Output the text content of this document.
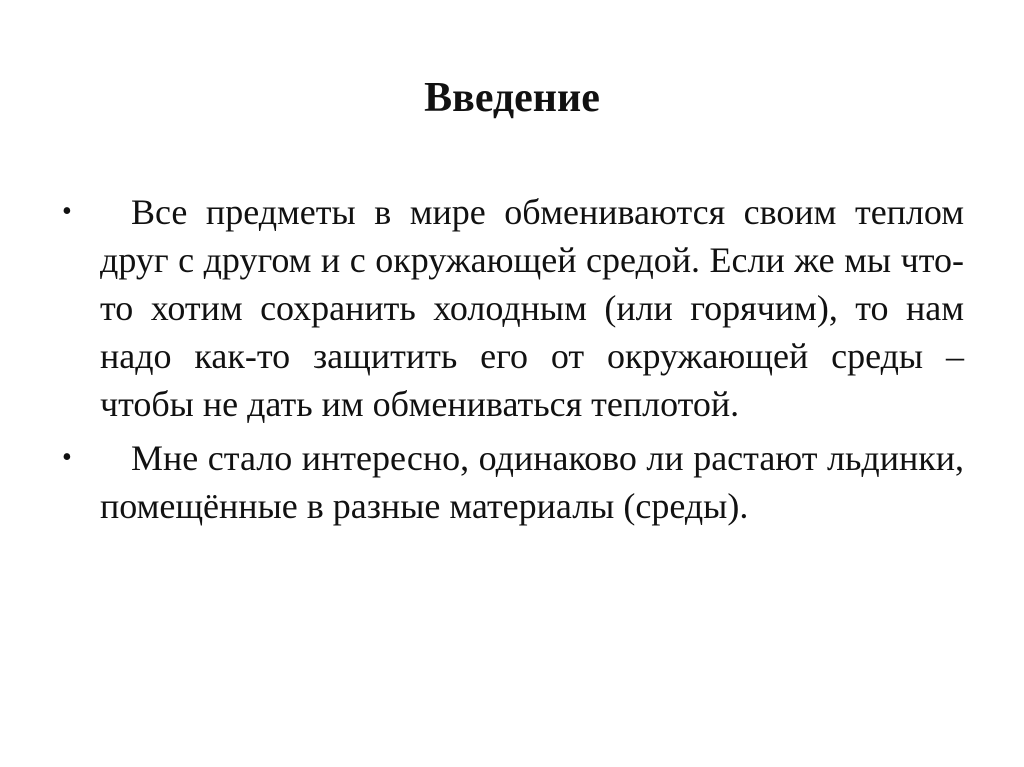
Введение
•	Все предметы в мире обмениваются своим теплом друг с другом и с окружающей средой. Если же мы что-то хотим сохранить холодным (или горячим), то нам надо как-то защитить его от окружающей среды – чтобы не дать им обмениваться теплотой.
•	Мне стало интересно, одинаково ли растают льдинки, помещённые в разные материалы (среды).
